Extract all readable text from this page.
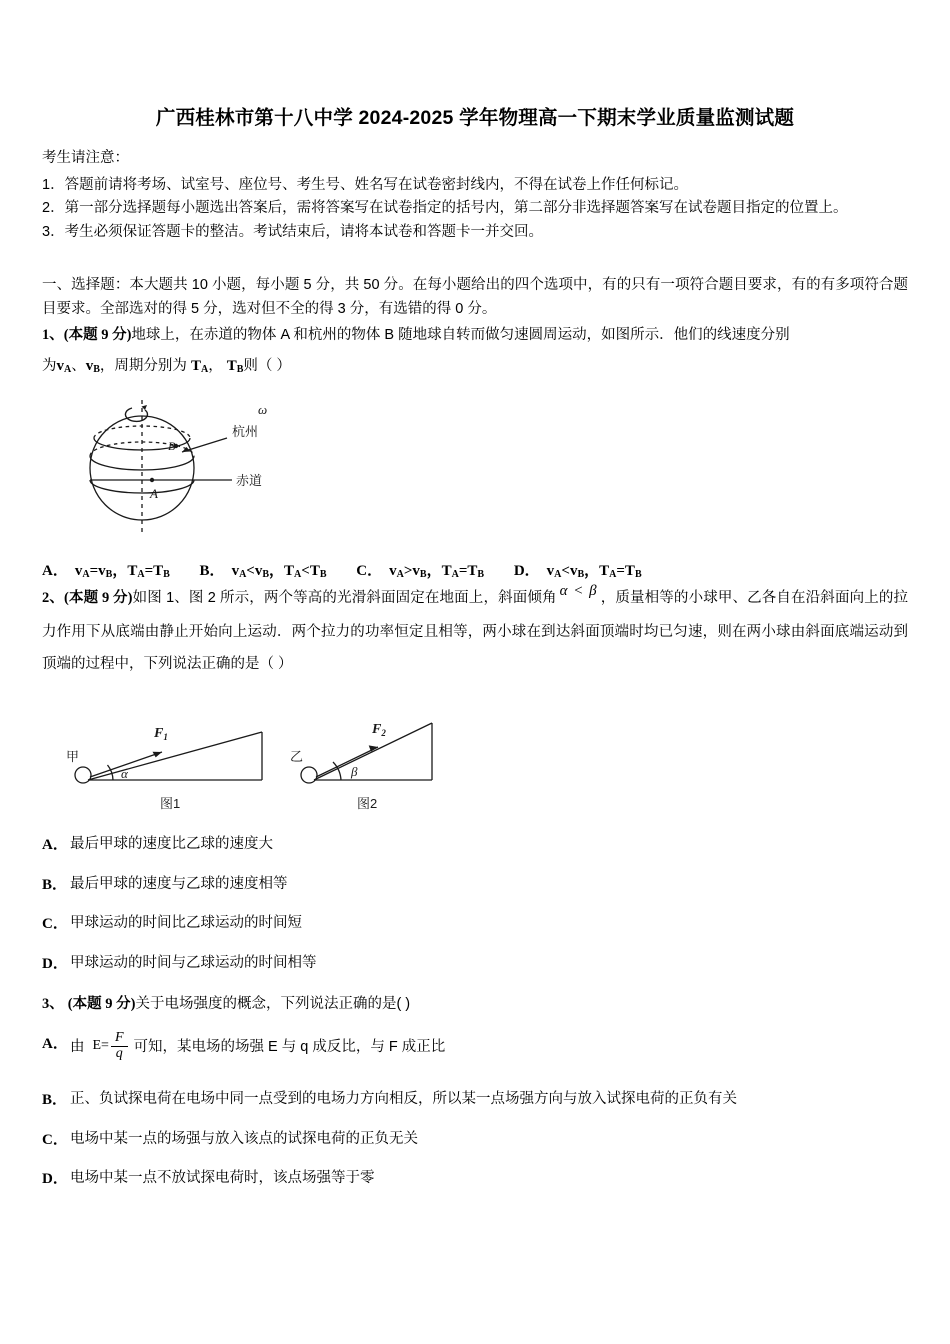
广西桂林市第十八中学 2024-2025 学年物理高一下期末学业质量监测试题

考生请注意：

1．答题前请将考场、试室号、座位号、考生号、姓名写在试卷密封线内，不得在试卷上作任何标记。

2．第一部分选择题每小题选出答案后，需将答案写在试卷指定的括号内，第二部分非选择题答案写在试卷题目指定的位置上。

3．考生必须保证答题卡的整洁。考试结束后，请将本试卷和答题卡一并交回。

一、选择题：本大题共 10 小题，每小题 5 分，共 50 分。在每小题给出的四个选项中，有的只有一项符合题目要求，有的有多项符合题目要求。全部选对的得 5 分，选对但不全的得 3 分，有选错的得 0 分。

1、(本题 9 分)地球上，在赤道的物体 A 和杭州的物体 B 随地球自转而做匀速圆周运动，如图所示．他们的线速度分别

为$v_A$、$v_B$，周期分别为 $T_A$， $T_B$则（ ）

ω
A
B
杭州
赤道
A． $v_A=v_B$，$T_A=T_B$ B． $v_A<v_B$，$T_A<T_B$ C． $v_A>v_B$，$T_A=T_B$ D． $v_A<v_B$，$T_A=T_B$

2、(本题 9 分)如图 1、图 2 所示，两个等高的光滑斜面固定在地面上，斜面倾角 α < β ，质量相等的小球甲、乙各自在沿斜面向上的拉力作用下从底端由静止开始向上运动．两个拉力的功率恒定且相等，两小球在到达斜面顶端时均已匀速，则在两小球由斜面底端运动到顶端的过程中，下列说法正确的是（ ）

甲
$F_1$
α
图1
乙
$F_2$
β
图2
A． 最后甲球的速度比乙球的速度大
B． 最后甲球的速度与乙球的速度相等
C． 甲球运动的时间比乙球运动的时间短
D． 甲球运动的时间与乙球运动的时间相等

3、 (本题 9 分)关于电场强度的概念，下列说法正确的是( )

A． 由 $E= \frac{F}{q}$ 可知，某电场的场强 E 与 q 成反比，与 F 成正比
B． 正、负试探电荷在电场中同一点受到的电场力方向相反，所以某一点场强方向与放入试探电荷的正负有关
C． 电场中某一点的场强与放入该点的试探电荷的正负无关
D． 电场中某一点不放试探电荷时，该点场强等于零
